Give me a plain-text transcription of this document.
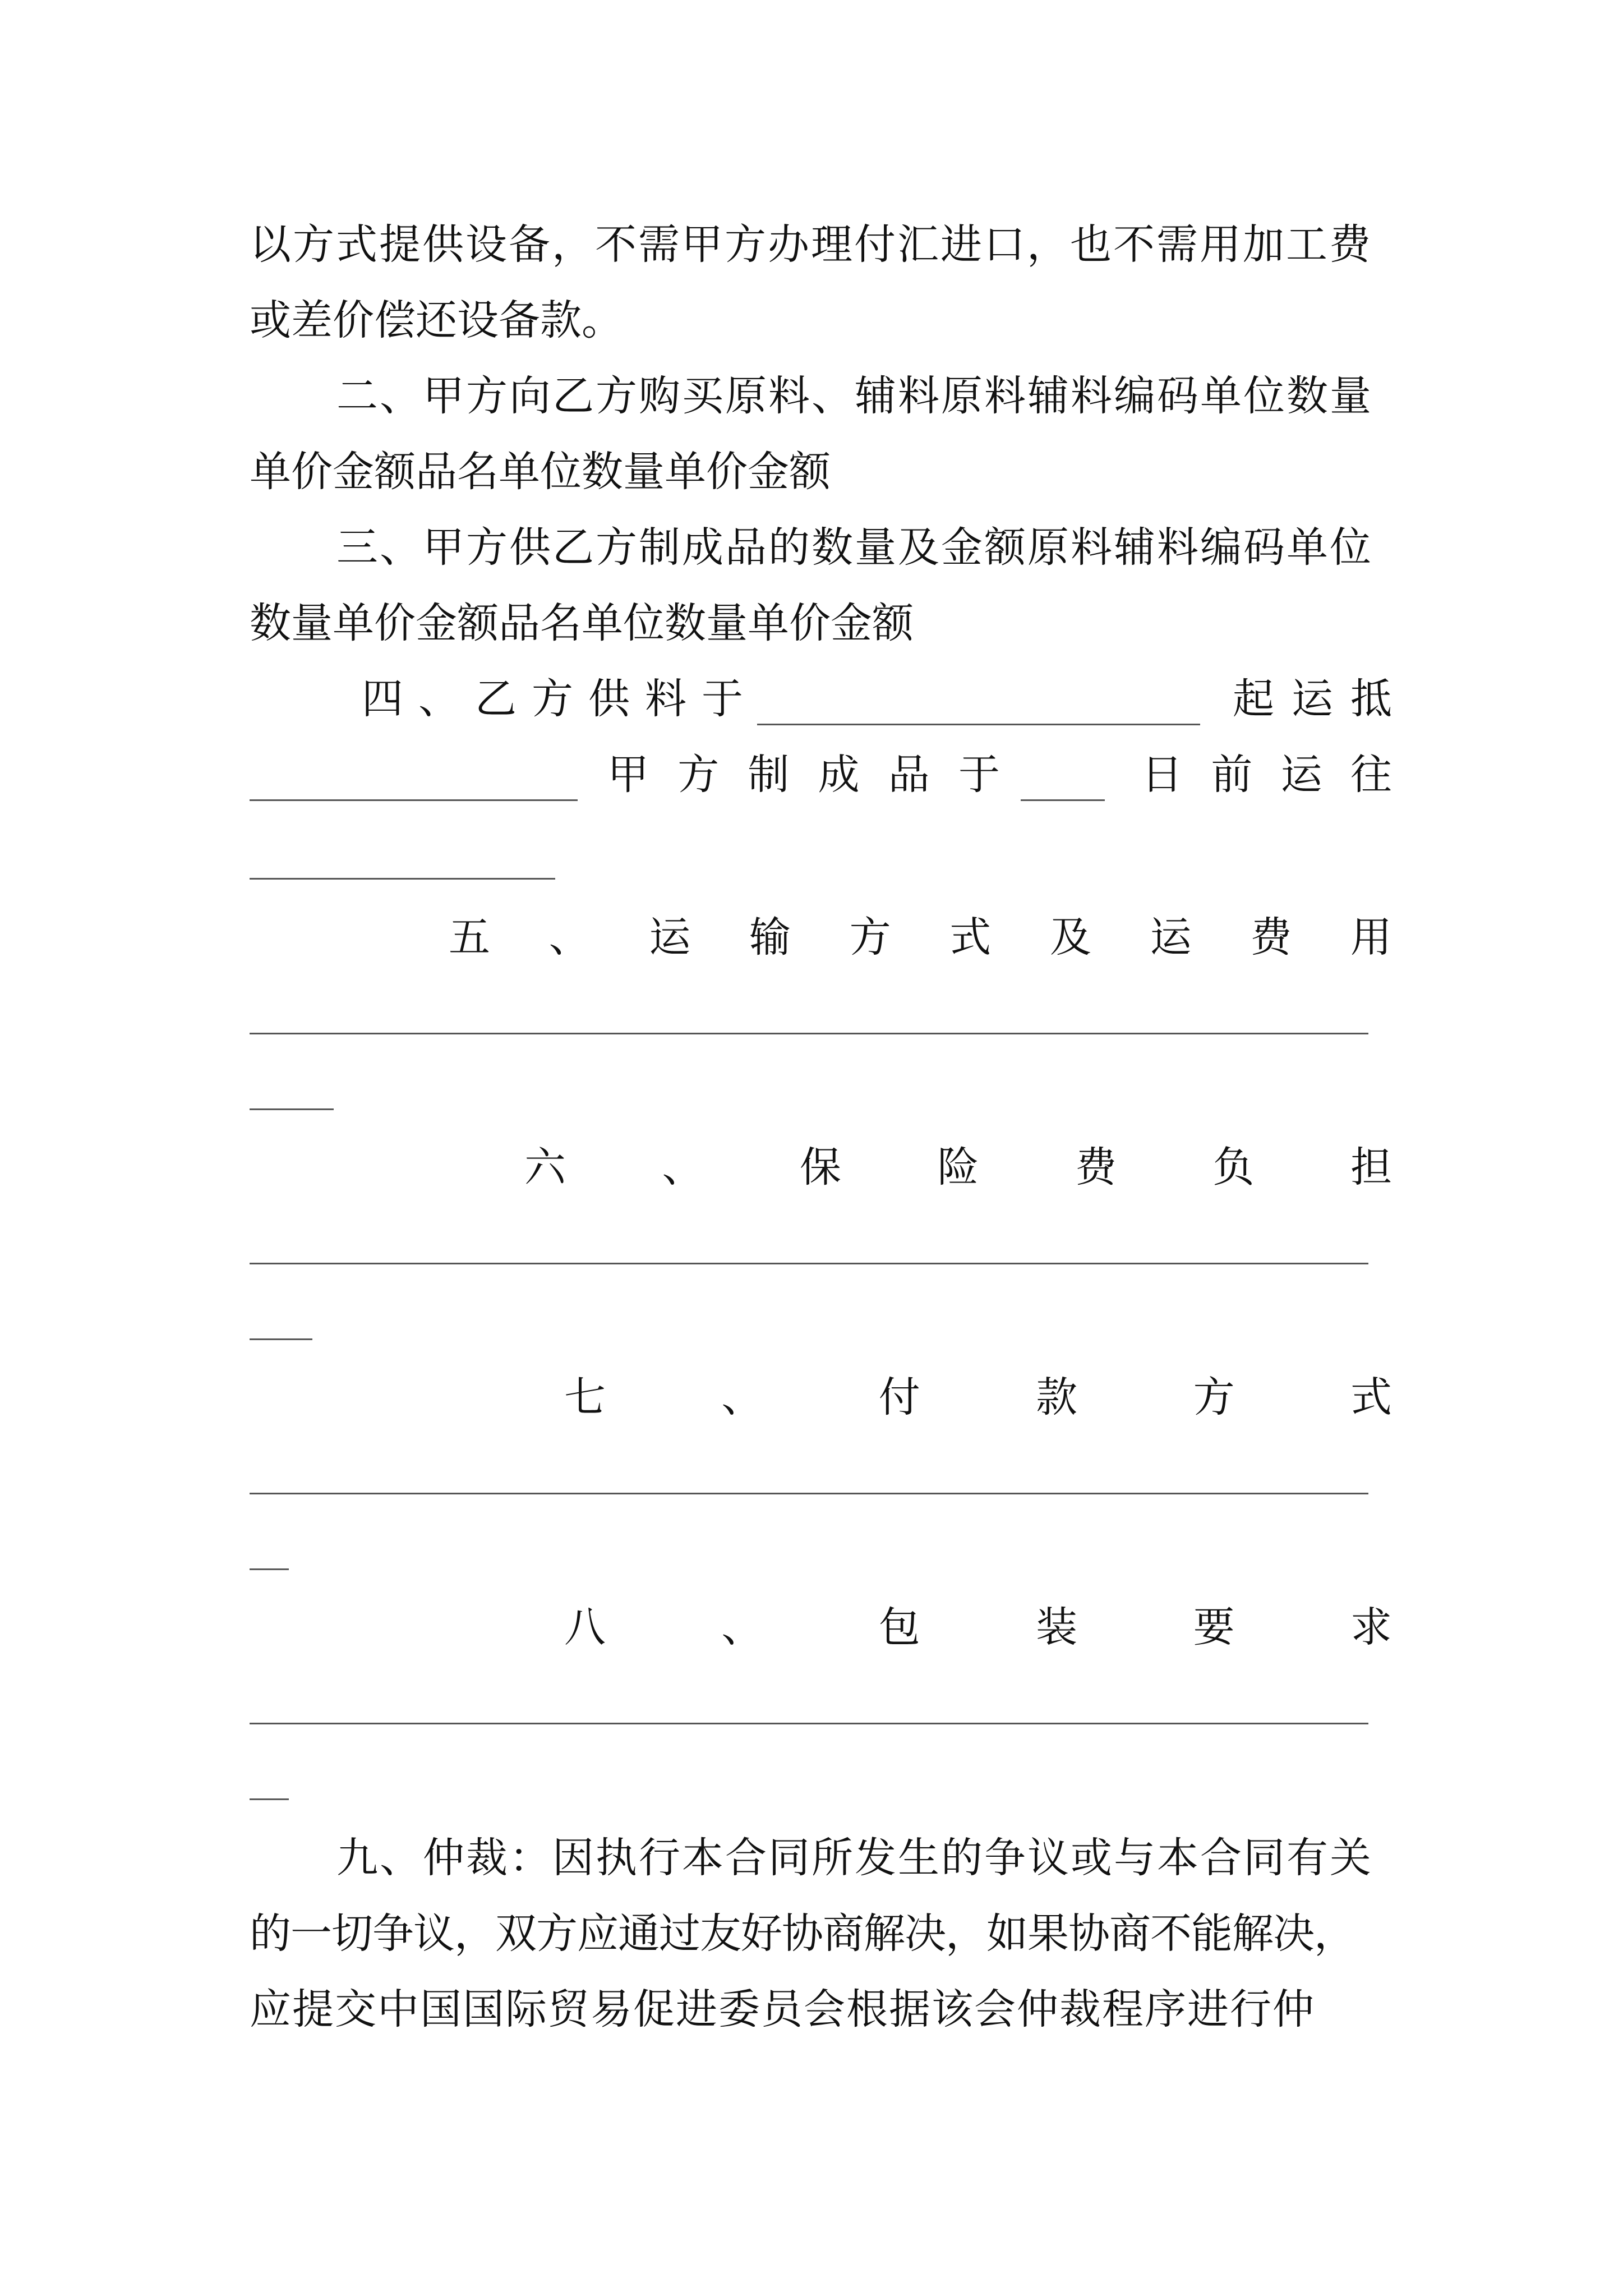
以方式提供设备，不需甲方办理付汇进口，也不需用加工费
或差价偿还设备款。
二、甲方向乙方购买原料、辅料原料辅料编码单位数量
单价金额品名单位数量单价金额
三、甲方供乙方制成品的数量及金额原料辅料编码单位
数量单价金额品名单位数量单价金额
四 、 乙 方 供 料 于	起 运 抵
甲 方 制 成 品 于	日 前 运 往
五 、 运 输 方 式 及 运 费 用
六 、 保 险 费 负 担
七	、	付	款	方	式
八	、	包	装	要	求
九、仲裁：因执行本合同所发生的争议或与本合同有关
的一切争议，双方应通过友好协商解决，如果协商不能解决，
应提交中国国际贸易促进委员会根据该会仲裁程序进行仲
